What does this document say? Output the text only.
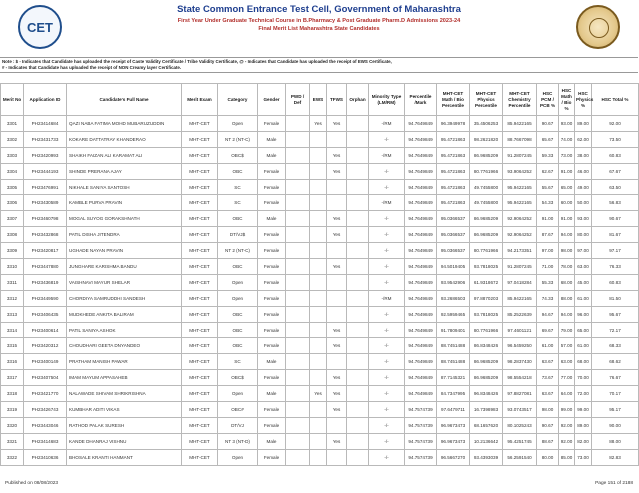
CET
State Common Entrance Test Cell, Government of Maharashtra
First Year Under Graduate Technical Course in B.Pharmacy & Post Graduate Pharm.D Admissions 2023-24
Final Merit List Maharashtra State Candidates
Note : $ - Indicates that Candidate has uploaded the receipt of Caste Validity Certificate / Tribe Validity Certificate, @ - Indicates that Candidate has uploaded the receipt of EWS Certificate,
# - Indicates that Candidate has uploaded the receipt of NON Creamy layer Certificate.
Merit No	Application ID	Candidate's Full Name	Merit Exam	Category	Gender	PWD / Def	EWS	TFWS	Orphan	Minority Type (LM/RM)	Percentile /Mark	MHT-CET Math / Bio Percentile	MHT-CET Physics Percentile	MHT-CET Chemistry Percentile	HSC PCM / PCB %	HSC Math / Bio %	HSC Physics %	HSC Total %
3301	PH23414684	QAZI NABA FATIMA MOHD MUBARUZUDDIN	MHT-CET	Open	Female		Yes	Yes		-/RM	94.7649849	96.3949978	35.4506253	85.9422165	90.67	93.00	89.00	92.00
3302	PH23431733	KOKARE DATTATRAY KHANDERAO	MHT-CET	NT 2 (NT-C)	Male					-/-	94.7649849	95.4721863	98.2621820	88.7667098	65.67	74.00	62.00	73.50
3303	PH23420993	SHAIKH FAIZAN ALI KARAMAT ALI	MHT-CET	OBC$	Male			Yes		-/RM	94.7649849	95.4721863	86.9685209	91.2807245	59.33	73.00	38.00	60.83
3304	PH23444193	SHINDE PRERANA AJAY	MHT-CET	OBC	Female			Yes		-/-	94.7649849	95.4721863	80.7761966	93.9064252	62.67	91.00	46.00	67.67
3305	PH23476991	NIKHALE SANIYA SANTOSH	MHT-CET	SC	Female					-/-	94.7649849	95.4721863	49.7455800	95.9422165	55.67	65.00	49.00	63.50
3306	PH23430589	KAMBLE PURVA PRAVIN	MHT-CET	SC	Female					-/RM	94.7649849	95.4721863	49.7455800	95.9422165	54.33	60.00	50.00	56.83
3307	PH23460798	MOGAL SUYOG GORAKSHNATH	MHT-CET	OBC	Male			Yes		-/-	94.7649849	95.0366537	86.9685209	92.9064252	91.00	91.00	93.00	90.67
3308	PH23432868	PATIL DISHA JITENDRA	MHT-CET	DT/VJ$	Female			Yes		-/-	94.7649849	95.0366537	86.9685209	92.9064252	87.67	94.00	80.00	81.67
3309	PH23420817	UGHADE NAYAN PRAVIN	MHT-CET	NT 2 (NT-C)	Female					-/-	94.7649849	95.0366537	80.7761966	94.2173351	97.00	98.00	97.00	97.17
3310	PH23447880	JUNGHARE KARISHMA BANDU	MHT-CET	OBC	Female			Yes		-/-	94.7649849	94.5019405	93.7818025	91.2807245	71.00	78.00	63.00	76.33
3311	PH23436819	VAISHNAVI MAYUR SHELAR	MHT-CET	Open	Female					-/-	94.7649849	93.9542906	61.9318672	97.0418284	55.33	68.00	45.00	60.83
3312	PH23449590	CHORDIYA SAMRUDDHI SANDESH	MHT-CET	Open	Female					-/RM	94.7649849	93.2686503	97.8870203	85.9422165	74.33	88.00	61.00	81.50
3313	PH23406435	MUDKHEDE ANKITA BALIRAM	MHT-CET	OBC	Female					-/-	94.7649849	92.5959465	93.7818025	85.2522639	94.67	94.00	96.00	95.67
3314	PH23400614	PATIL SANIYA ASHOK	MHT-CET	OBC	Female			Yes		-/-	94.7649849	91.7809401	80.7761966	97.4601121	69.67	79.00	65.00	72.17
3315	PH23420312	CHOUDHARI GEETA DNYANDEO	MHT-CET	OBC	Female			Yes		-/-	94.7649849	88.7451488	86.8348426	96.5459250	61.00	57.00	61.00	68.33
3316	PH23400149	PRATHAM MANISH PAWAR	MHT-CET	SC	Male					-/-	94.7649849	88.7451488	86.9685209	98.2837430	63.67	63.00	68.00	68.62
3317	PH23407504	IMAM MAYUM APPASAHEB	MHT-CET	OBC$	Female			Yes		-/-	94.7649849	87.7145321	86.9685209	98.5554218	73.67	77.00	70.00	76.67
3318	PH23421770	NALAWADE SHIVAM SHRIKRISHNA	MHT-CET	Open	Male		Yes	Yes		-/-	94.7649849	84.7347995	96.8348426	97.8827081	63.67	64.00	72.00	70.17
3319	PH23426743	KUMBHAR ADITI VIKAS	MHT-CET	OBC#	Female			Yes		-/-	94.7574739	97.6479711	16.7398983	93.0743517	98.00	99.00	99.00	95.17
3320	PH23443046	RATHOD PALAK SURESH	MHT-CET	DT/VJ	Female					-/-	94.7574739	96.9673473	68.1657620	80.1025243	90.67	92.00	89.00	90.00
3321	PH23414683	KANDE DHANRAJ VISHNU	MHT-CET	NT 3 (NT-D)	Male			Yes		-/-	94.7574739	96.9673473	10.2136642	95.4251745	88.67	92.00	82.00	88.00
3322	PH23410636	BHOSALE KRANTI HANMANT	MHT-CET	Open	Female					-/-	94.7574739	96.5667270	93.4393039	56.2591540	80.00	85.00	73.00	82.83
Published on 08/08/2023	Page 151 of 2188
